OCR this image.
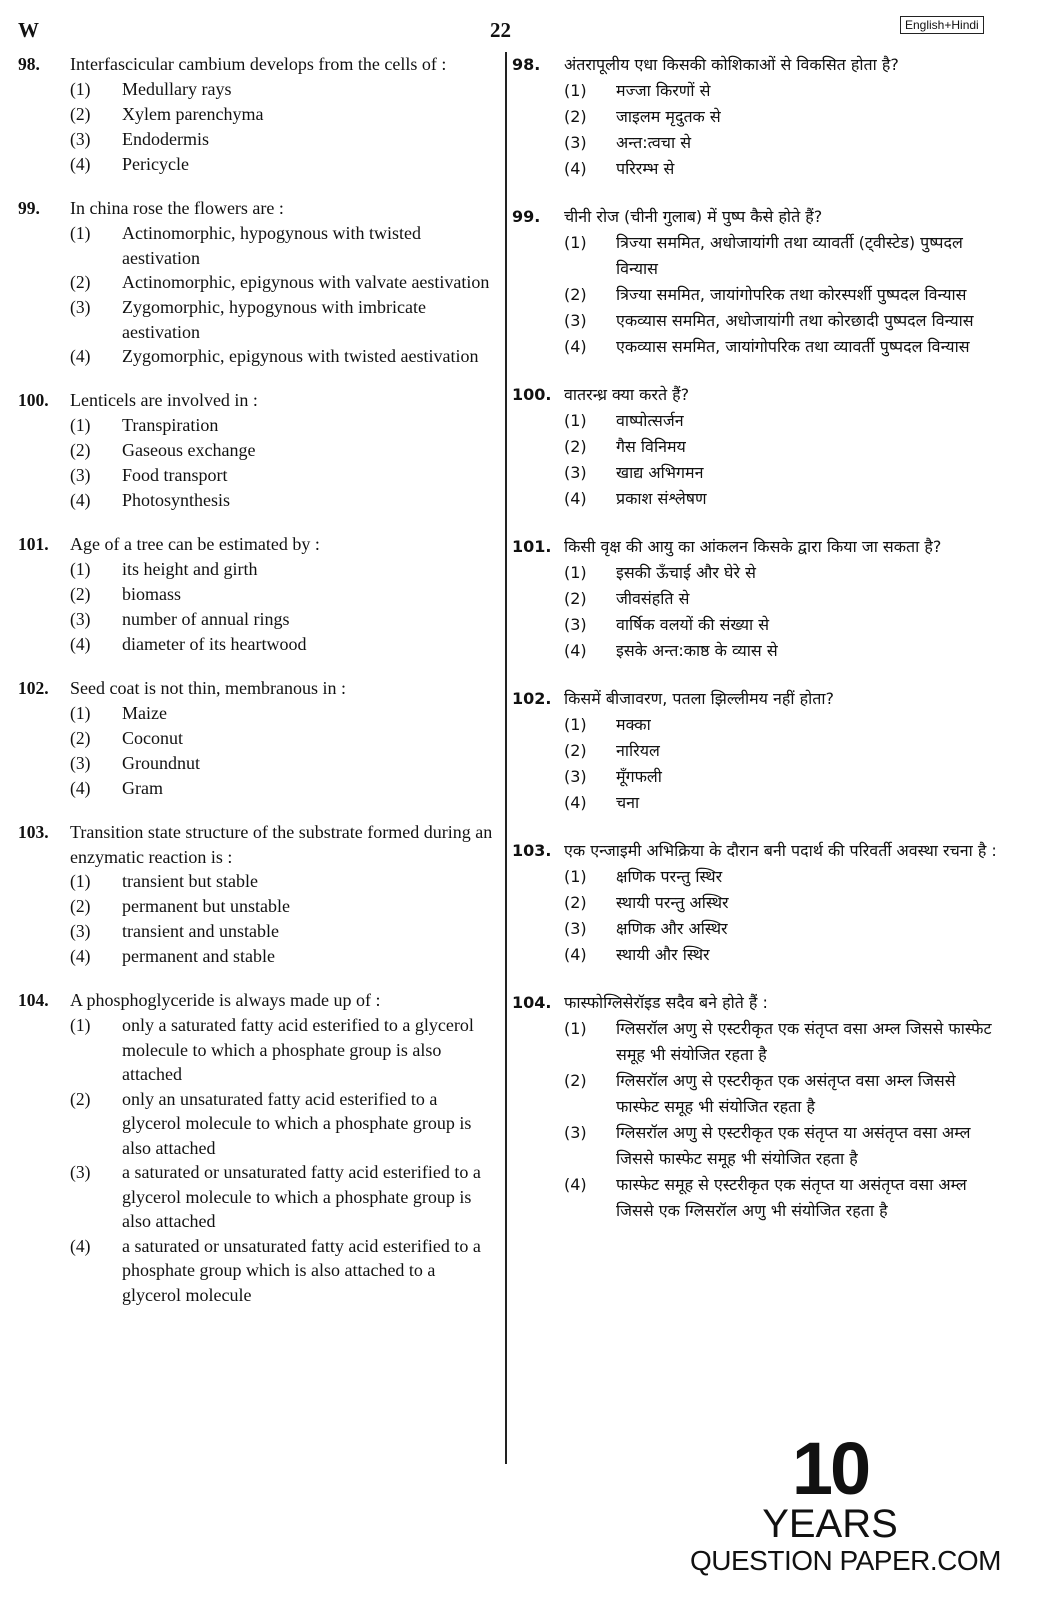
W	22	English+Hindi
98.	Interfascicular cambium develops from the cells of :
(1)	Medullary rays
(2)	Xylem parenchyma
(3)	Endodermis
(4)	Pericycle
99.	In china rose the flowers are :
(1)	Actinomorphic, hypogynous with twisted aestivation
(2)	Actinomorphic, epigynous with valvate aestivation
(3)	Zygomorphic, hypogynous with imbricate aestivation
(4)	Zygomorphic, epigynous with twisted aestivation
100.	Lenticels are involved in :
(1)	Transpiration
(2)	Gaseous exchange
(3)	Food transport
(4)	Photosynthesis
101.	Age of a tree can be estimated by :
(1)	its height and girth
(2)	biomass
(3)	number of annual rings
(4)	diameter of its heartwood
102.	Seed coat is not thin, membranous in :
(1)	Maize
(2)	Coconut
(3)	Groundnut
(4)	Gram
103.	Transition state structure of the substrate formed during an enzymatic reaction is :
(1)	transient but stable
(2)	permanent but unstable
(3)	transient and unstable
(4)	permanent and stable
104.	A phosphoglyceride is always made up of :
(1)	only a saturated fatty acid esterified to a glycerol molecule to which a phosphate group is also attached
(2)	only an unsaturated fatty acid esterified to a glycerol molecule to which a phosphate group is also attached
(3)	a saturated or unsaturated fatty acid esterified to a glycerol molecule to which a phosphate group is also attached
(4)	a saturated or unsaturated fatty acid esterified to a phosphate group which is also attached to a glycerol molecule
98.	अंतरापूलीय एधा किसकी कोशिकाओं से विकसित होता है?
(1)	मज्जा किरणों से
(2)	जाइलम मृदुतक से
(3)	अन्त:त्वचा से
(4)	परिरम्भ से
99.	चीनी रोज (चीनी गुलाब) में पुष्प कैसे होते हैं?
(1)	त्रिज्या सममित, अधोजायांगी तथा व्यावर्ती (ट्वीस्टेड) पुष्पदल विन्यास
(2)	त्रिज्या सममित, जायांगोपरिक तथा कोरस्पर्शी पुष्पदल विन्यास
(3)	एकव्यास सममित, अधोजायांगी तथा कोरछादी पुष्पदल विन्यास
(4)	एकव्यास सममित, जायांगोपरिक तथा व्यावर्ती पुष्पदल विन्यास
100. वातरन्ध्र क्या करते हैं?
(1)	वाष्पोत्सर्जन
(2)	गैस विनिमय
(3)	खाद्य अभिगमन
(4)	प्रकाश संश्लेषण
101. किसी वृक्ष की आयु का आंकलन किसके द्वारा किया जा सकता है?
(1)	इसकी ऊँचाई और घेरे से
(2)	जीवसंहति से
(3)	वार्षिक वलयों की संख्या से
(4)	इसके अन्त:काष्ठ के व्यास से
102. किसमें बीजावरण, पतला झिल्लीमय नहीं होता?
(1)	मक्का
(2)	नारियल
(3)	मूँगफली
(4)	चना
103. एक एन्जाइमी अभिक्रिया के दौरान बनी पदार्थ की परिवर्ती अवस्था रचना है :
(1)	क्षणिक परन्तु स्थिर
(2)	स्थायी परन्तु अस्थिर
(3)	क्षणिक और अस्थिर
(4)	स्थायी और स्थिर
104. फास्फोग्लिसेरॉइड सदैव बने होते हैं :
(1)	ग्लिसरॉल अणु से एस्टरीकृत एक संतृप्त वसा अम्ल जिससे फास्फेट समूह भी संयोजित रहता है
(2)	ग्लिसरॉल अणु से एस्टरीकृत एक असंतृप्त वसा अम्ल जिससे फास्फेट समूह भी संयोजित रहता है
(3)	ग्लिसरॉल अणु से एस्टरीकृत एक संतृप्त या असंतृप्त वसा अम्ल जिससे फास्फेट समूह भी संयोजित रहता है
(4)	फास्फेट समूह से एस्टरीकृत एक संतृप्त या असंतृप्त वसा अम्ल जिससे एक ग्लिसरॉल अणु भी संयोजित रहता है
10
YEARS
QUESTION PAPER.COM
